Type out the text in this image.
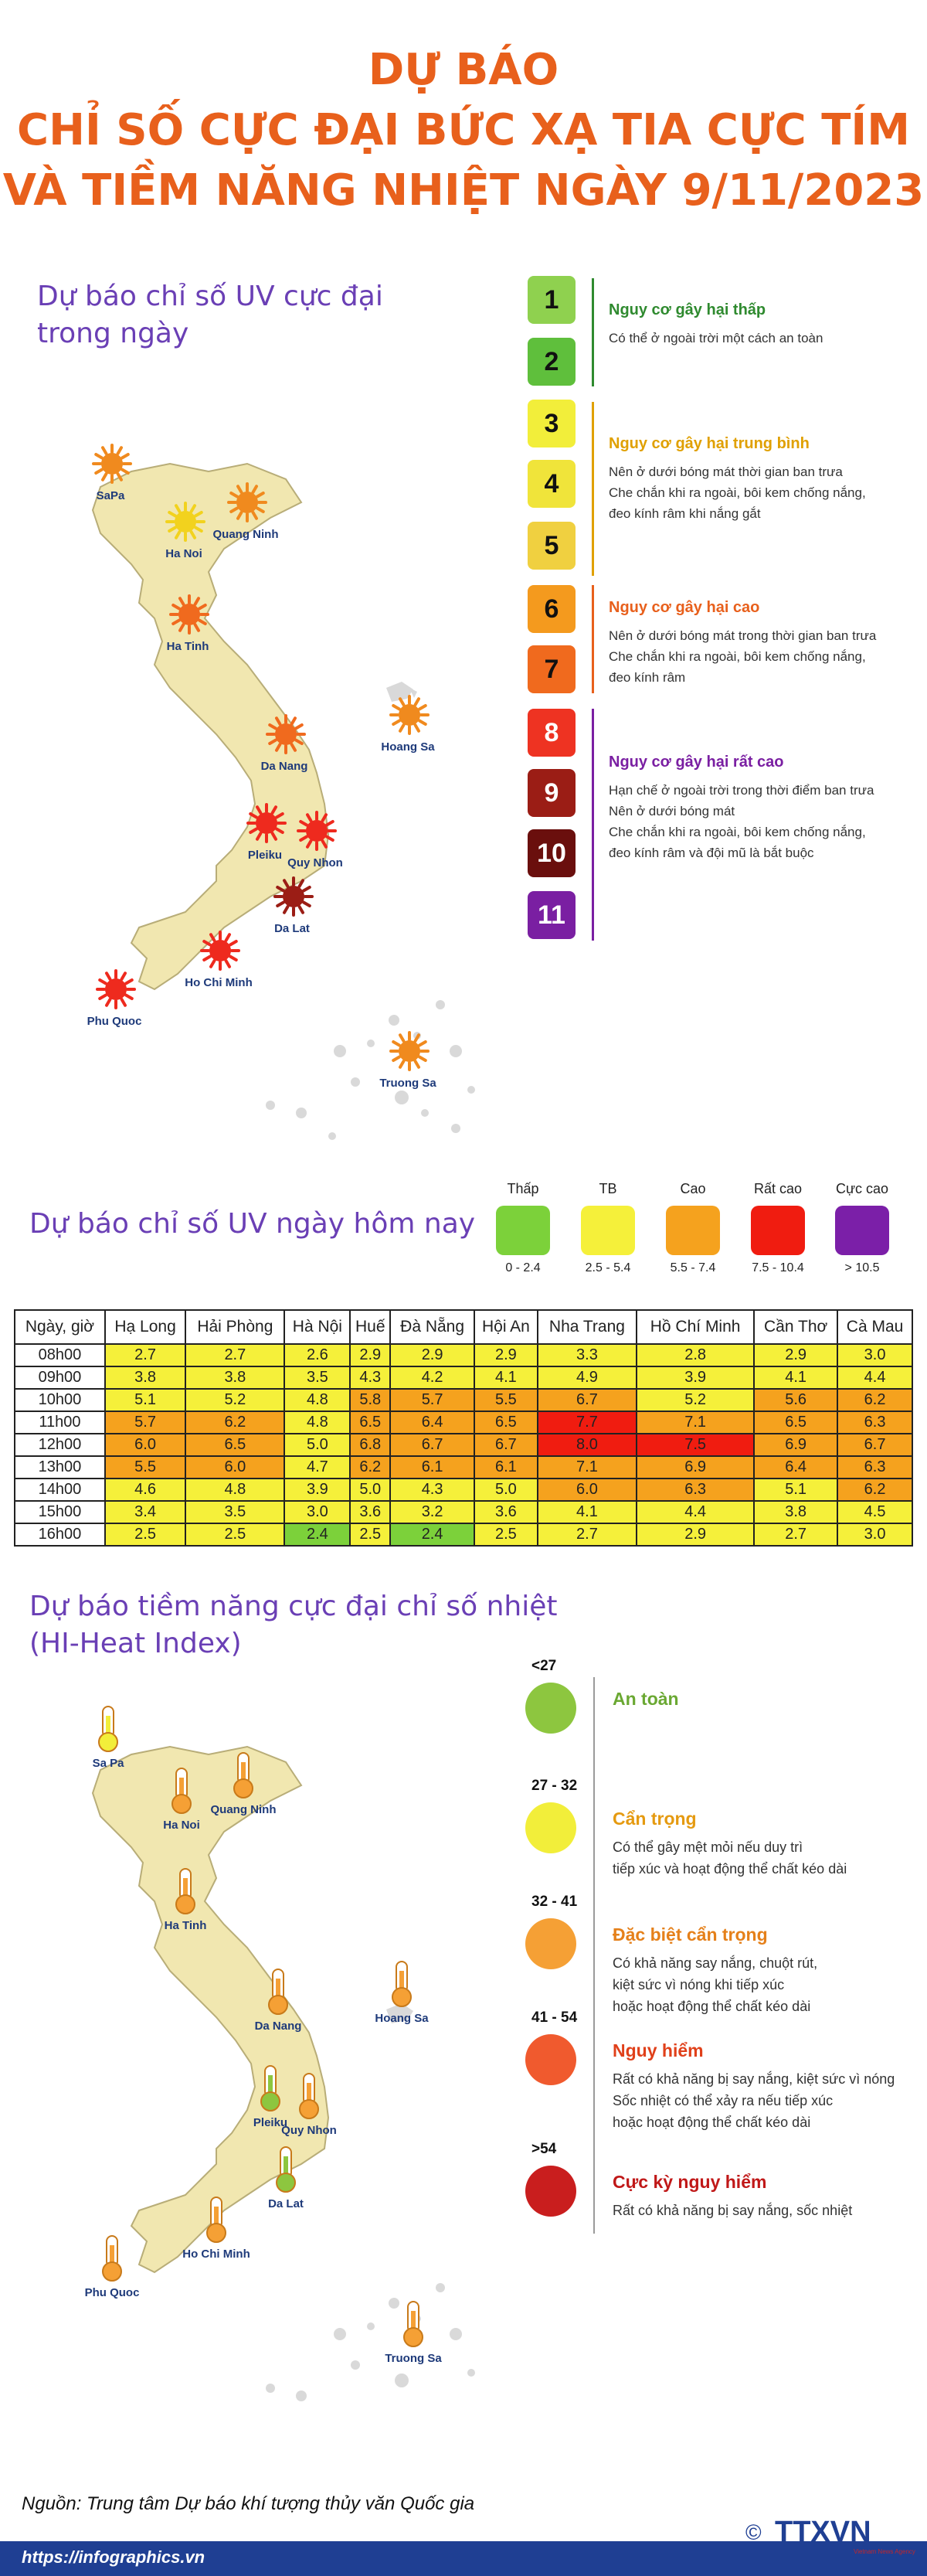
DỰ BÁO
CHỈ SỐ CỰC ĐẠI BỨC XẠ TIA CỰC TÍM
VÀ TIỀM NĂNG NHIỆT NGÀY 9/11/2023
Dự báo chỉ số UV cực đại
trong ngày
SaPa
Ha Noi
Quang Ninh
Ha Tinh
Hoang Sa
Da Nang
Pleiku
Quy Nhon
Da Lat
Ho Chi Minh
Phu Quoc
Truong Sa
1
2
3
4
5
6
7
8
9
10
11
Nguy cơ gây hại thấp
Có thể ở ngoài trời một cách an toàn
Nguy cơ gây hại trung bình
Nên ở dưới bóng mát thời gian ban trưa
Che chắn khi ra ngoài, bôi kem chống nắng,
đeo kính râm khi nắng gắt
Nguy cơ gây hại cao
Nên ở dưới bóng mát trong thời gian ban trưa
Che chắn khi ra ngoài, bôi kem chống nắng,
đeo kính râm
Nguy cơ gây hại rất cao
Hạn chế ở ngoài trời trong thời điểm ban trưa
Nên ở dưới bóng mát
Che chắn khi ra ngoài, bôi kem chống nắng,
đeo kính râm và đội mũ là bắt buộc
Dự báo chỉ số UV ngày hôm nay
Thấp
0 - 2.4
TB
2.5 - 5.4
Cao
5.5 - 7.4
Rất cao
7.5 - 10.4
Cực cao
> 10.5
Ngày, giờ	Hạ Long	Hải Phòng	Hà Nội	Huế	Đà Nẵng	Hội An	Nha Trang	Hồ Chí Minh	Cần Thơ	Cà Mau
08h00	2.7	2.7	2.6	2.9	2.9	2.9	3.3	2.8	2.9	3.0
09h00	3.8	3.8	3.5	4.3	4.2	4.1	4.9	3.9	4.1	4.4
10h00	5.1	5.2	4.8	5.8	5.7	5.5	6.7	5.2	5.6	6.2
11h00	5.7	6.2	4.8	6.5	6.4	6.5	7.7	7.1	6.5	6.3
12h00	6.0	6.5	5.0	6.8	6.7	6.7	8.0	7.5	6.9	6.7
13h00	5.5	6.0	4.7	6.2	6.1	6.1	7.1	6.9	6.4	6.3
14h00	4.6	4.8	3.9	5.0	4.3	5.0	6.0	6.3	5.1	6.2
15h00	3.4	3.5	3.0	3.6	3.2	3.6	4.1	4.4	3.8	4.5
16h00	2.5	2.5	2.4	2.5	2.4	2.5	2.7	2.9	2.7	3.0
Dự báo tiềm năng cực đại chỉ số nhiệt
(HI-Heat Index)
Sa Pa
Ha Noi
Quang Ninh
Ha Tinh
Hoang Sa
Da Nang
Pleiku
Quy Nhon
Da Lat
Ho Chi Minh
Phu Quoc
Truong Sa
<27
An toàn
27 - 32
Cẩn trọng
Có thể gây mệt mỏi nếu duy trì
tiếp xúc và hoạt động thể chất kéo dài
32 - 41
Đặc biệt cẩn trọng
Có khả năng say nắng, chuột rút,
kiệt sức vì nóng khi tiếp xúc
hoặc hoạt động thể chất kéo dài
41 - 54
Nguy hiểm
Rất có khả năng bị say nắng, kiệt sức vì nóng
Sốc nhiệt có thể xảy ra nếu tiếp xúc
hoặc hoạt động thể chất kéo dài
>54
Cực kỳ nguy hiểm
Rất có khả năng bị say nắng, sốc nhiệt
Nguồn: Trung tâm Dự báo khí tượng thủy văn Quốc gia
https://infographics.vn
© TTXVN
Vietnam News Agency
